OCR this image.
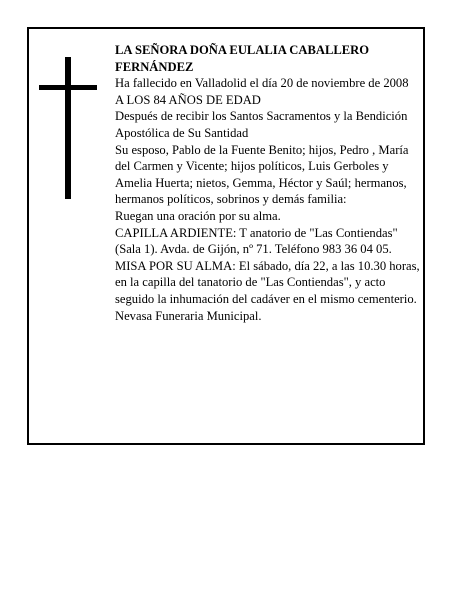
LA SEÑORA DOÑA EULALIA CABALLERO FERNÁNDEZ

Ha fallecido en Valladolid el día 20 de noviembre de 2008

A LOS 84 AÑOS DE EDAD

Después de recibir los Santos Sacramentos y la Bendición Apostólica de Su Santidad

Su esposo, Pablo de la Fuente Benito; hijos, Pedro , María del Carmen y Vicente; hijos políticos, Luis Gerboles y Amelia Huerta; nietos, Gemma, Héctor y Saúl; hermanos, hermanos políticos, sobrinos y demás familia:

Ruegan una oración por su alma.

CAPILLA ARDIENTE: T anatorio de "Las Contiendas" (Sala 1). Avda. de Gijón, nº 71. Teléfono 983 36 04 05.

MISA POR SU ALMA: El sábado, día 22, a las 10.30 horas, en la capilla del tanatorio de "Las Contiendas", y acto seguido la inhumación del cadáver en el mismo cementerio.

Nevasa Funeraria Municipal.
